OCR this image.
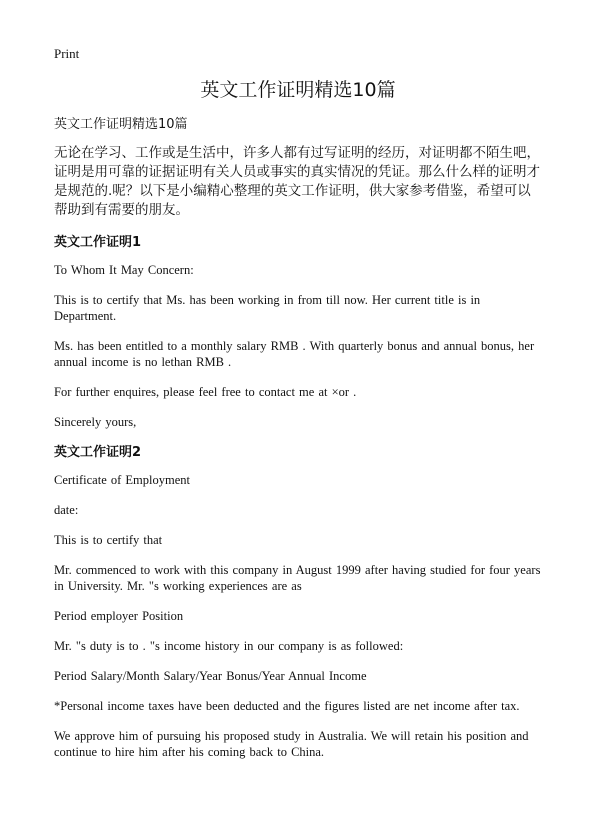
Print
英文工作证明精选10篇
英文工作证明精选10篇

无论在学习、工作或是生活中，许多人都有过写证明的经历，对证明都不陌生吧，证明是用可靠的证据证明有关人员或事实的真实情况的凭证。那么什么样的证明才是规范的.呢？以下是小编精心整理的英文工作证明，供大家参考借鉴，希望可以帮助到有需要的朋友。

英文工作证明1

To Whom It May Concern:

This is to certify that Ms. has been working in from till now. Her current title is in Department.

Ms. has been entitled to a monthly salary RMB . With quarterly bonus and annual bonus, her annual income is no lethan RMB .

For further enquires, please feel free to contact me at ×or .

Sincerely yours,

英文工作证明2

Certificate of Employment

date:

This is to certify that

Mr. commenced to work with this company in August 1999 after having studied for four years in University. Mr. "s working experiences are as

Period employer Position

Mr. "s duty is to . "s income history in our company is as followed:

Period Salary/Month Salary/Year Bonus/Year Annual Income

*Personal income taxes have been deducted and the figures listed are net income after tax.

We approve him of pursuing his proposed study in Australia. We will retain his position and continue to hire him after his coming back to China.
